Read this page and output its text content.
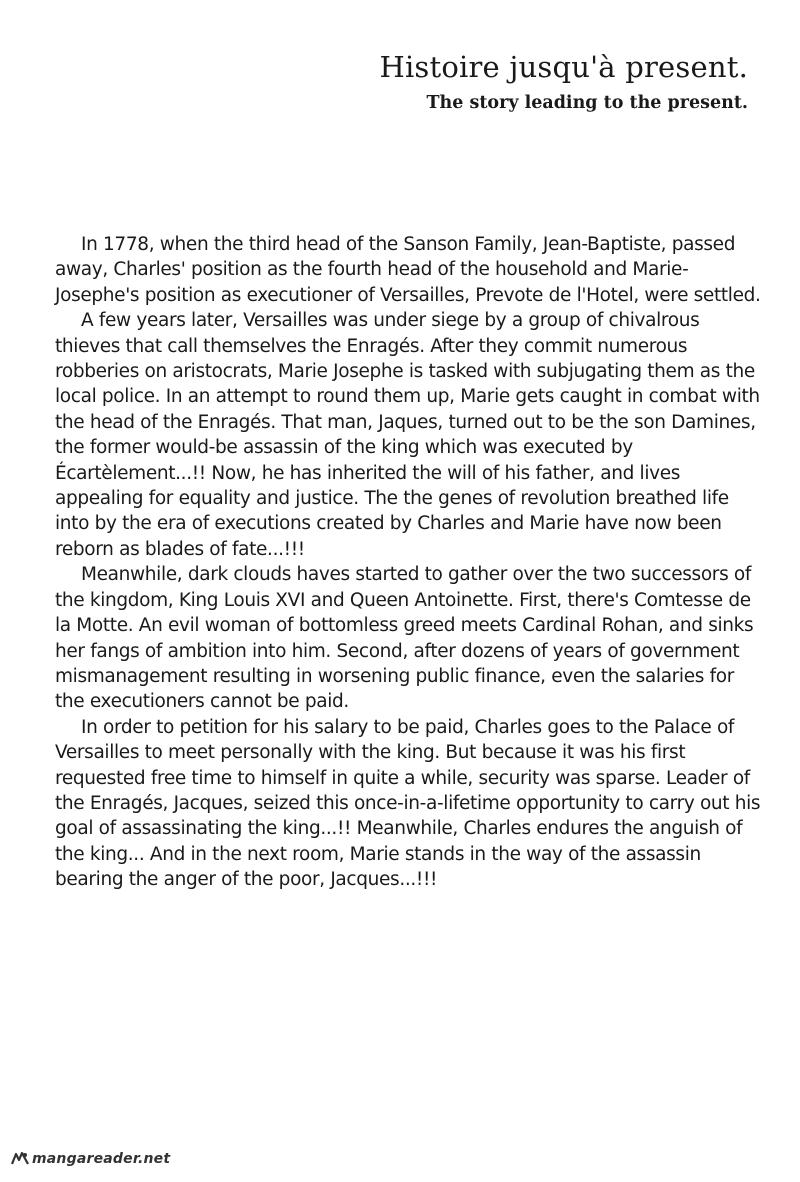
Histoire jusqu'à present.
The story leading to the present.

In 1778, when the third head of the Sanson Family, Jean-Baptiste, passed away, Charles' position as the fourth head of the household and Marie-Josephe's position as executioner of Versailles, Prevote de l'Hotel, were settled.

A few years later, Versailles was under siege by a group of chivalrous thieves that call themselves the Enragés. After they commit numerous robberies on aristocrats, Marie Josephe is tasked with subjugating them as the local police. In an attempt to round them up, Marie gets caught in combat with the head of the Enragés. That man, Jaques, turned out to be the son Damines, the former would-be assassin of the king which was executed by Écartèlement...!! Now, he has inherited the will of his father, and lives appealing for equality and justice. The the genes of revolution breathed life into by the era of executions created by Charles and Marie have now been reborn as blades of fate...!!!

Meanwhile, dark clouds haves started to gather over the two successors of the kingdom, King Louis XVI and Queen Antoinette. First, there's Comtesse de la Motte. An evil woman of bottomless greed meets Cardinal Rohan, and sinks her fangs of ambition into him. Second, after dozens of years of government mismanagement resulting in worsening public finance, even the salaries for the executioners cannot be paid.

In order to petition for his salary to be paid, Charles goes to the Palace of Versailles to meet personally with the king. But because it was his first requested free time to himself in quite a while, security was sparse. Leader of the Enragés, Jacques, seized this once-in-a-lifetime opportunity to carry out his goal of assassinating the king...!! Meanwhile, Charles endures the anguish of the king... And in the next room, Marie stands in the way of the assassin bearing the anger of the poor, Jacques...!!!

mangareader.net
